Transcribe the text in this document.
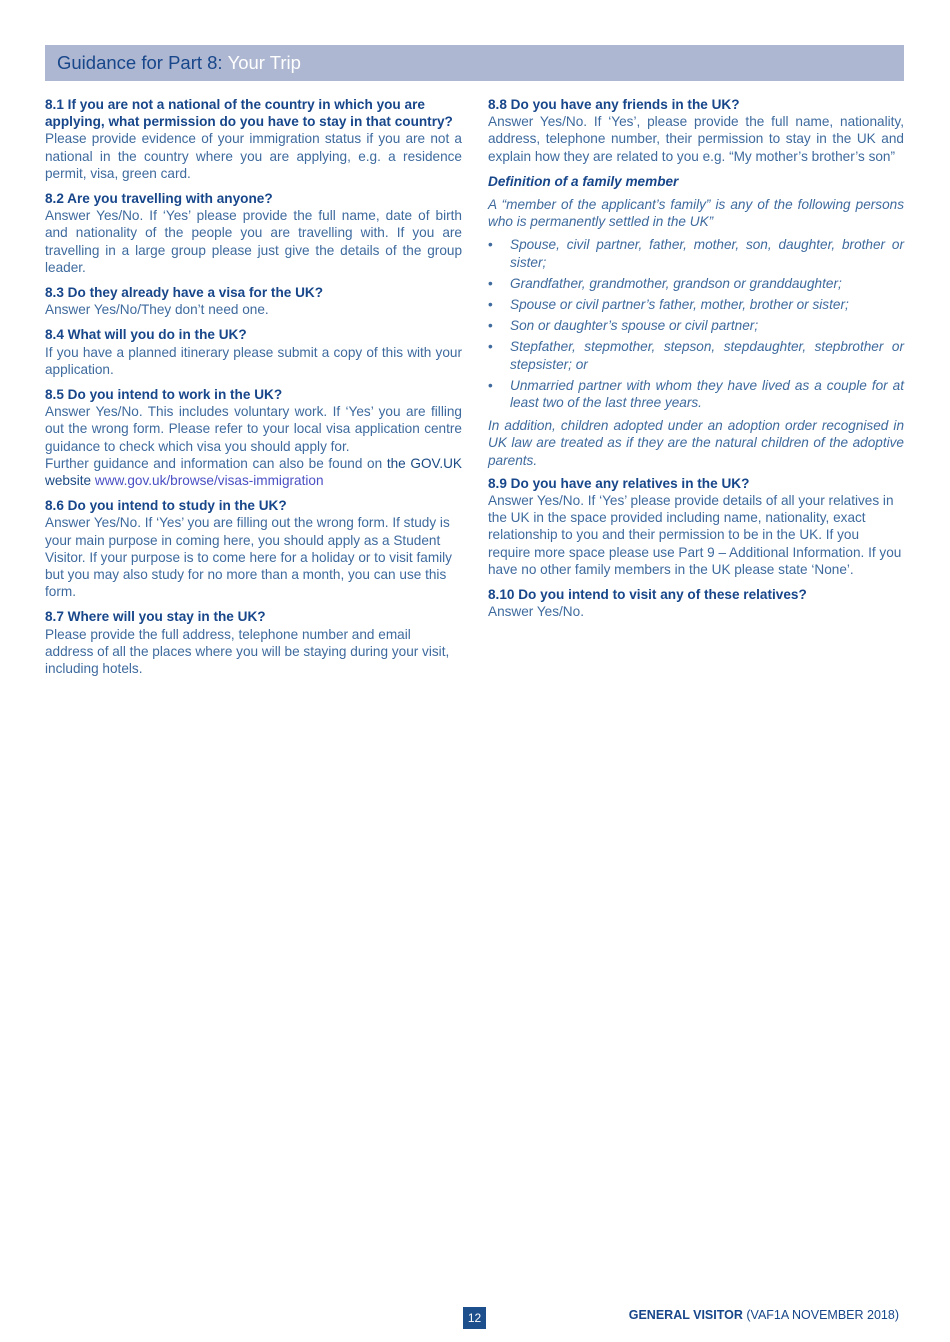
Guidance for Part 8: Your Trip
8.1 If you are not a national of the country in which you are applying, what permission do you have to stay in that country?

Please provide evidence of your immigration status if you are not a national in the country where you are applying, e.g. a residence permit, visa, green card.

8.2 Are you travelling with anyone?

Answer Yes/No. If ‘Yes’ please provide the full name, date of birth and nationality of the people you are travelling with. If you are travelling in a large group please just give the details of the group leader.

8.3 Do they already have a visa for the UK?

Answer Yes/No/They don’t need one.

8.4 What will you do in the UK?

If you have a planned itinerary please submit a copy of this with your application.

8.5 Do you intend to work in the UK?

Answer Yes/No. This includes voluntary work. If ‘Yes’ you are filling out the wrong form. Please refer to your local visa application centre guidance to check which visa you should apply for.

Further guidance and information can also be found on the GOV.UK website www.gov.uk/browse/visas-immigration

8.6 Do you intend to study in the UK?

Answer Yes/No. If ‘Yes’ you are filling out the wrong form. If study is your main purpose in coming here, you should apply as a Student Visitor. If your purpose is to come here for a holiday or to visit family but you may also study for no more than a month, you can use this form.

8.7 Where will you stay in the UK?

Please provide the full address, telephone number and email address of all the places where you will be staying during your visit, including hotels.

8.8 Do you have any friends in the UK?

Answer Yes/No. If ‘Yes’, please provide the full name, nationality, address, telephone number, their permission to stay in the UK and explain how they are related to you e.g. “My mother’s brother’s son”

Definition of a family member

A “member of the applicant’s family” is any of the following persons who is permanently settled in the UK”

• Spouse, civil partner, father, mother, son, daughter, brother or sister;
• Grandfather, grandmother, grandson or granddaughter;
• Spouse or civil partner’s father, mother, brother or sister;
• Son or daughter’s spouse or civil partner;
• Stepfather, stepmother, stepson, stepdaughter, stepbrother or stepsister; or
• Unmarried partner with whom they have lived as a couple for at least two of the last three years.

In addition, children adopted under an adoption order recognised in UK law are treated as if they are the natural children of the adoptive parents.

8.9 Do you have any relatives in the UK?

Answer Yes/No. If ‘Yes’ please provide details of all your relatives in the UK in the space provided including name, nationality, exact relationship to you and their permission to be in the UK. If you require more space please use Part 9 – Additional Information. If you have no other family members in the UK please state ‘None’.

8.10 Do you intend to visit any of these relatives?

Answer Yes/No.

12	GENERAL VISITOR (VAF1A NOVEMBER 2018)
